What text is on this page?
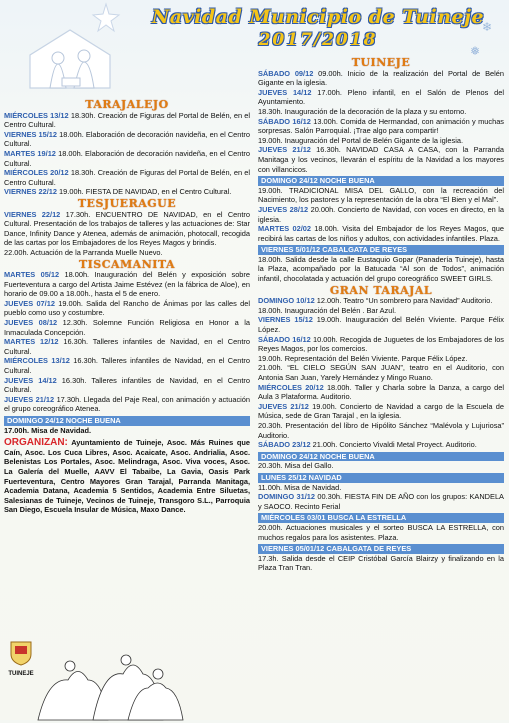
Navidad Municipio de Tuineje
2017/2018
❄
❅
TARAJALEJO
MIÉRCOLES 13/12 18.30h. Creación de Figuras del Portal de Belén, en el Centro Cultural.
VIERNES 15/12 18.00h. Elaboración de decoración navideña, en el Centro Cultural.
MARTES 19/12 18.00h. Elaboración de decoración navideña, en el Centro Cultural.
MIÉRCOLES 20/12 18.30h. Creación de Figuras del Portal de Belén, en el Centro Cultural.
VIERNES 22/12 19.00h. FIESTA DE NAVIDAD, en el Centro Cultural.
TESJUERAGUE
VIERNES 22/12 17.30h. ENCUENTRO DE NAVIDAD, en el Centro Cultural. Presentación de los trabajos de talleres y las actuaciones de: Star Dance, Infinity Dance y Atenea, además de animación, photocall, recogida de las cartas por los Embajadores de los Reyes Magos y brindis.
22.00h. Actuación de la Parranda Muelle Nuevo.
TISCAMANITA
MARTES 05/12 18.00h. Inauguración del Belén y exposición sobre Fuerteventura a cargo del Artista Jaime Estévez (en la fábrica de Aloe), en horario de 09.00 a 18.00h., hasta el 5 de enero.
JUEVES 07/12 19.00h. Salida del Rancho de Ánimas por las calles del pueblo como uso y costumbre.
JUEVES 08/12 12.30h. Solemne Función Religiosa en Honor a la Inmaculada Concepción.
MARTES 12/12 16.30h. Talleres infantiles de Navidad, en el Centro Cultural.
MIÉRCOLES 13/12 16.30h. Talleres infantiles de Navidad, en el Centro Cultural.
JUEVES 14/12 16.30h. Talleres infantiles de Navidad, en el Centro Cultural.
JUEVES 21/12 17.30h. Llegada del Paje Real, con animación y actuación el grupo coreográfico Atenea.
DOMINGO 24/12 NOCHE BUENA
17.00h. Misa de Navidad.
ORGANIZAN: Ayuntamiento de Tuineje, Asoc. Más Ruines que Caín, Asoc. Los Cuca Libres, Asoc. Acaicate, Asoc. Andrialia, Asoc. Belenistas Los Portales, Asoc. Melindraga, Asoc. Viva voces, Asoc. La Galería del Muelle, AAVV El Tabaibe, La Gavia, Oasis Park Fuerteventura, Centro Mayores Gran Tarajal, Parranda Manitaga, Academia Datana, Academia 5 Sentidos, Academia Entre Siluetas, Salesianas de Tuineje, Vecinos de Tuineje, Transgoro S.L., Parroquia San Diego, Escuela Insular de Música, Maxo Dance.
TUINEJE
TUINEJE
SÁBADO 09/12 09.00h. Inicio de la realización del Portal de Belén Gigante en la iglesia.
JUEVES 14/12 17.00h. Pleno infantil, en el Salón de Plenos del Ayuntamiento.
18.30h. Inauguración de la decoración de la plaza y su entorno.
SÁBADO 16/12 13.00h. Comida de Hermandad, con animación y muchas sorpresas. Salón Parroquial. ¡Trae algo para compartir!
19.00h. Inauguración del Portal de Belén Gigante de la iglesia.
JUEVES 21/12 16.30h. NAVIDAD CASA A CASA, con la Parranda Manitaga y los vecinos, llevarán el espíritu de la Navidad a los mayores con villancicos.
DOMINGO 24/12 NOCHE BUENA
19.00h. TRADICIONAL MISA DEL GALLO, con la recreación del Nacimiento, los pastores y la representación de la obra “El Bien y el Mal”.
JUEVES 28/12 20.00h. Concierto de Navidad, con voces en directo, en la iglesia.
MARTES 02/02 18.00h. Visita del Embajador de los Reyes Magos, que recibirá las cartas de los niños y adultos, con actividades infantiles. Plaza.
VIERNES 5/01/12 CABALGATA DE REYES
18.00h. Salida desde la calle Eustaquio Gopar (Panadería Tuineje), hasta la Plaza, acompañado por la Batucada “Al son de Todos”, animación infantil, chocolatada y actuación del grupo coreográfico SWEET GIRLS.
GRAN TARAJAL
DOMINGO 10/12 12.00h. Teatro “Un sombrero para Navidad” Auditorio.
18.00h. Inauguración del Belén . Bar Azul.
VIERNES 15/12 19.00h. Inauguración del Belén Viviente. Parque Félix López.
SÁBADO 16/12 10.00h. Recogida de Juguetes de los Embajadores de los Reyes Magos, por los comercios.
19.00h. Representación del Belén Viviente. Parque Félix López.
21.00h. “EL CIELO SEGÚN SAN JUAN”, teatro en el Auditorio, con Antonia San Juan, Yarely Hernández y Mingo Ruano.
MIÉRCOLES 20/12 18.00h. Taller y Charla sobre la Danza, a cargo del Aula 3 Plataforma. Auditorio.
JUEVES 21/12 19.00h. Concierto de Navidad a cargo de la Escuela de Música, sede de Gran Tarajal , en la iglesia.
20.30h. Presentación del libro de Hipólito Sánchez “Malévola y Lujuriosa” Auditorio.
SÁBADO 23/12 21.00h. Concierto Vivaldi Metal Proyect. Auditorio.
DOMINGO 24/12 NOCHE BUENA
20.30h. Misa del Gallo.
LUNES 25/12 NAVIDAD
11.00h. Misa de Navidad.
DOMINGO 31/12 00.30h. FIESTA FIN DE AÑO con los grupos: KANDELA y SAOCO. Recinto Ferial
MIÉRCOLES 03/01 BUSCA LA ESTRELLA
20.00h. Actuaciones musicales y el sorteo BUSCA LA ESTRELLA, con muchos regalos para los asistentes. Plaza.
VIERNES 05/01/12 CABALGATA DE REYES
17.3h. Salida desde el CEIP Cristóbal García Blairzy y finalizando en la Plaza Tran Tran.
